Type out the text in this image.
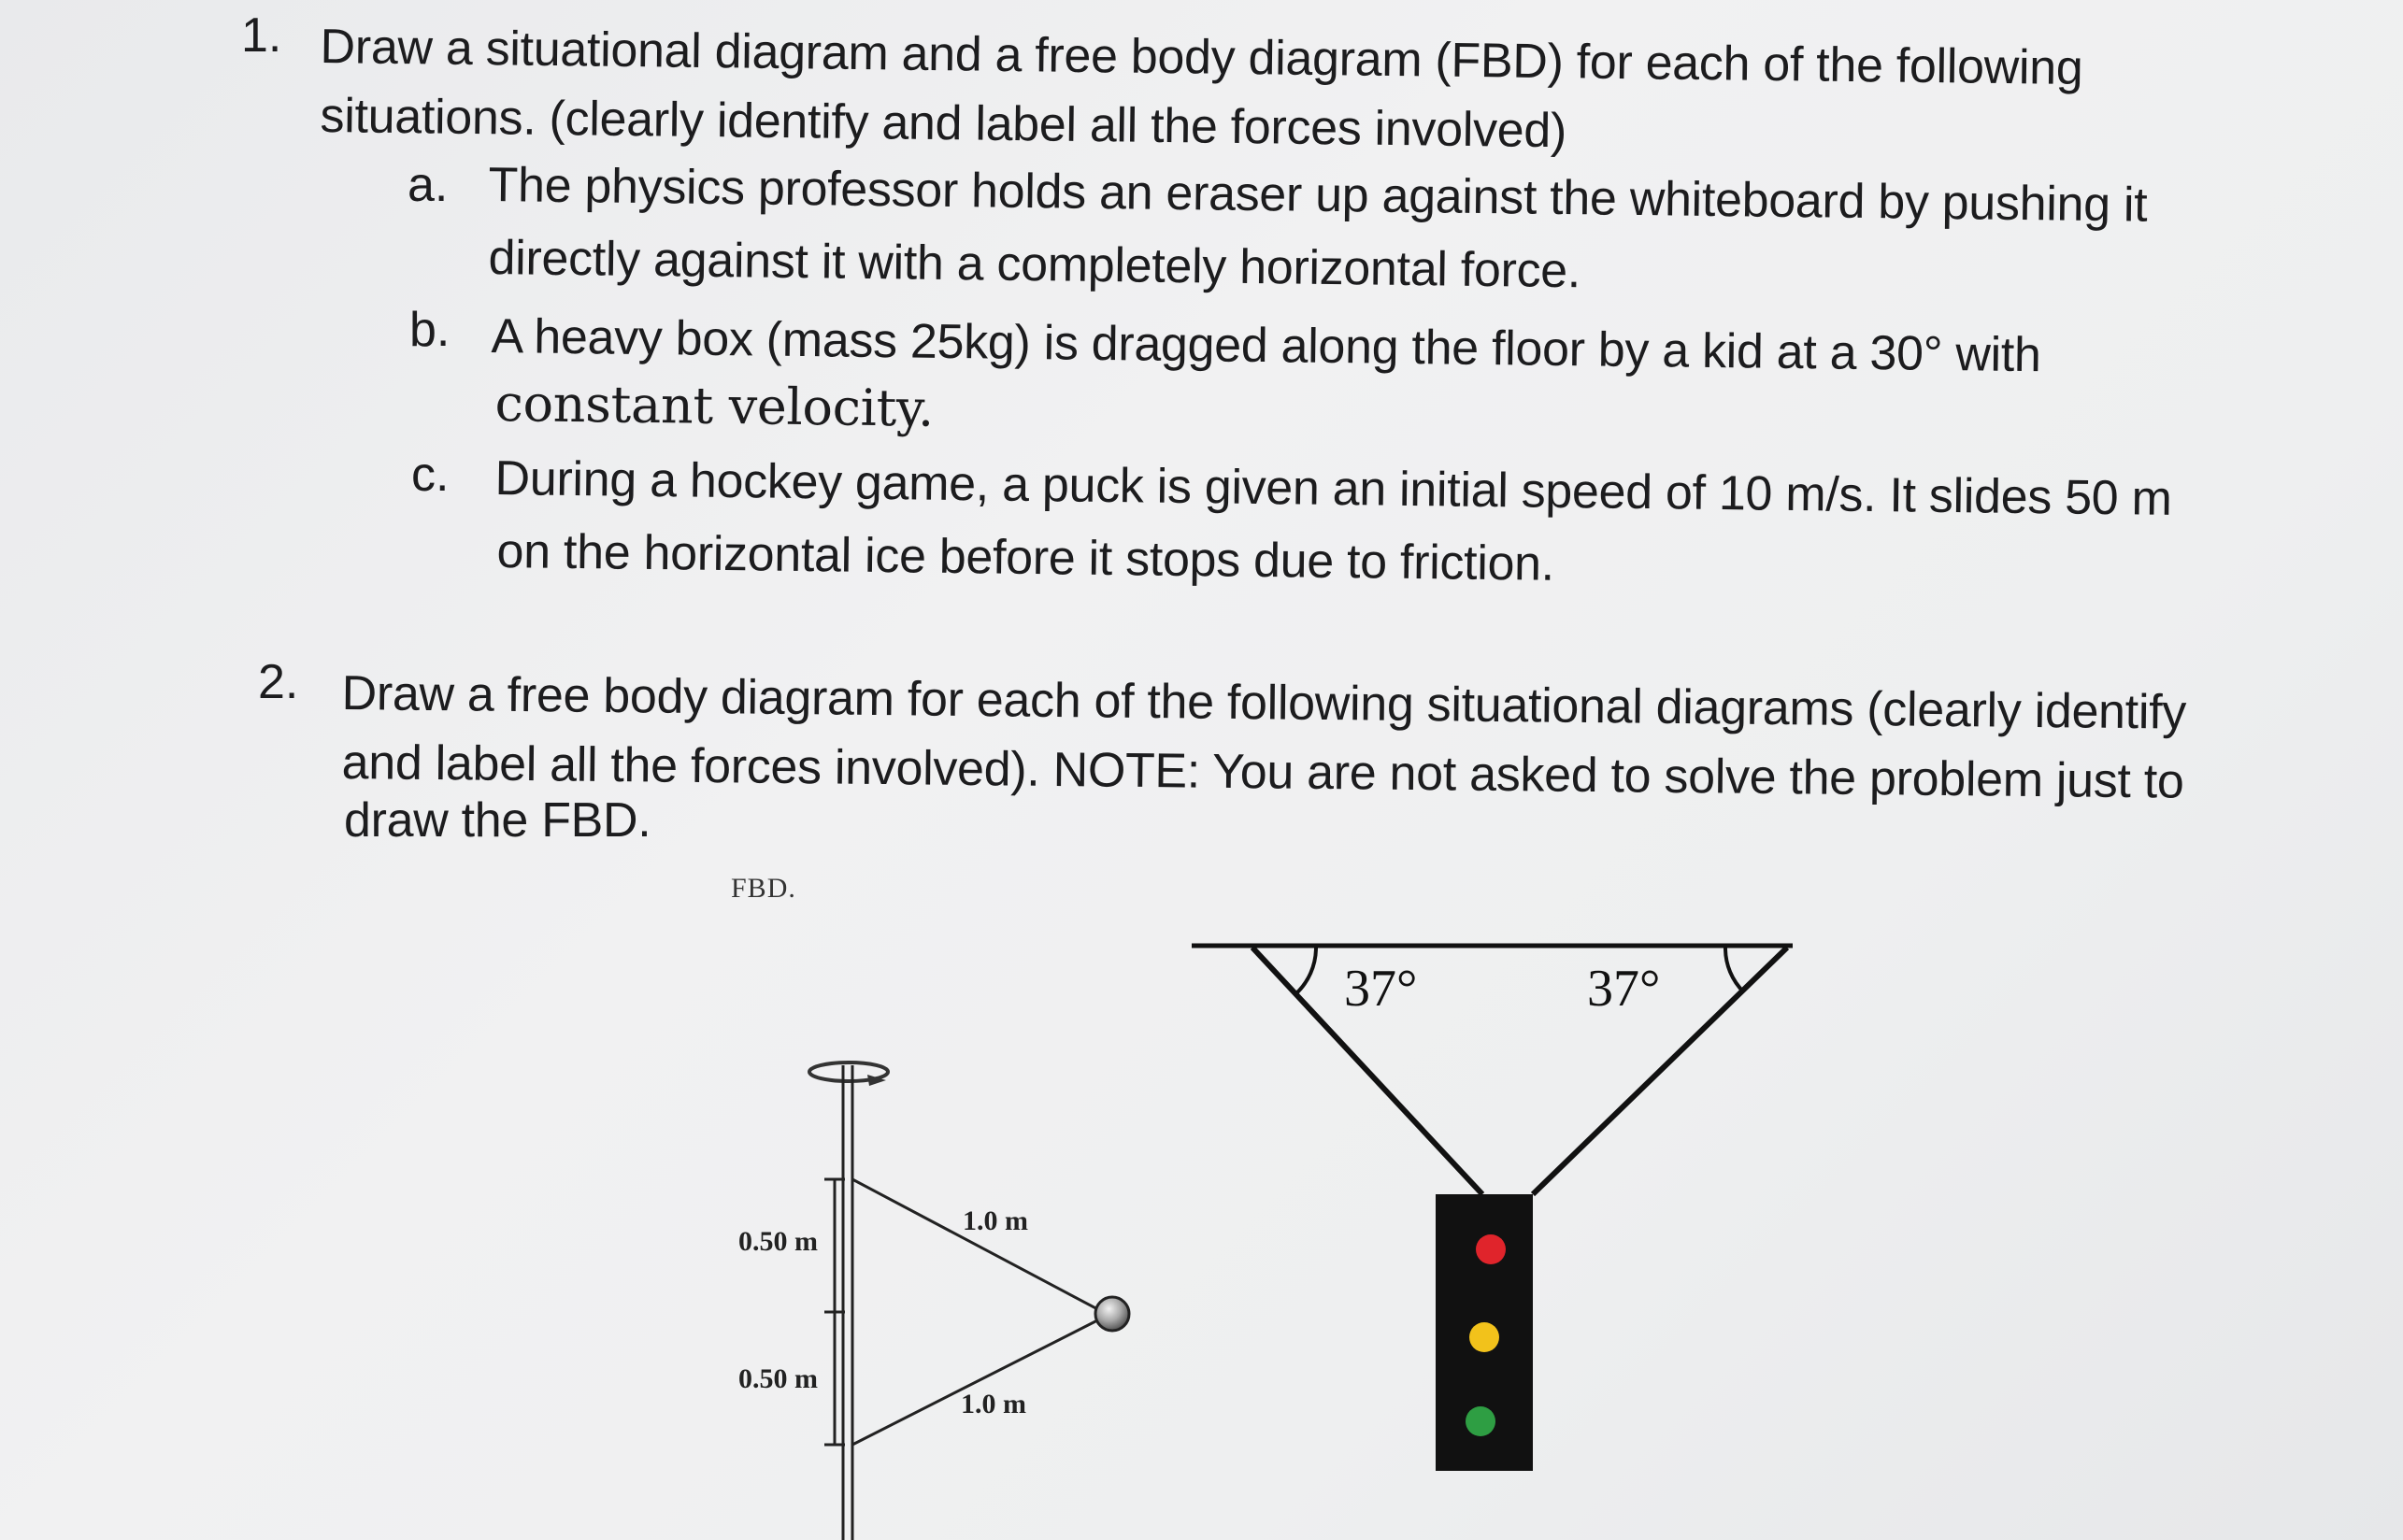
1. Draw a situational diagram and a free body diagram (FBD) for each of the following
situations. (clearly identify and label all the forces involved)
a. The physics professor holds an eraser up against the whiteboard by pushing it
directly against it with a completely horizontal force.
b. A heavy box (mass 25kg) is dragged along the floor by a kid at a 30° with
constant velocity.
c. During a hockey game, a puck is given an initial speed of 10 m/s. It slides 50 m
on the horizontal ice before it stops due to friction.
2. Draw a free body diagram for each of the following situational diagrams (clearly identify
and label all the forces involved). NOTE: You are not asked to solve the problem just to
draw the FBD.
FBD.
0.50 m
0.50 m
1.0 m
1.0 m
37°	37°
